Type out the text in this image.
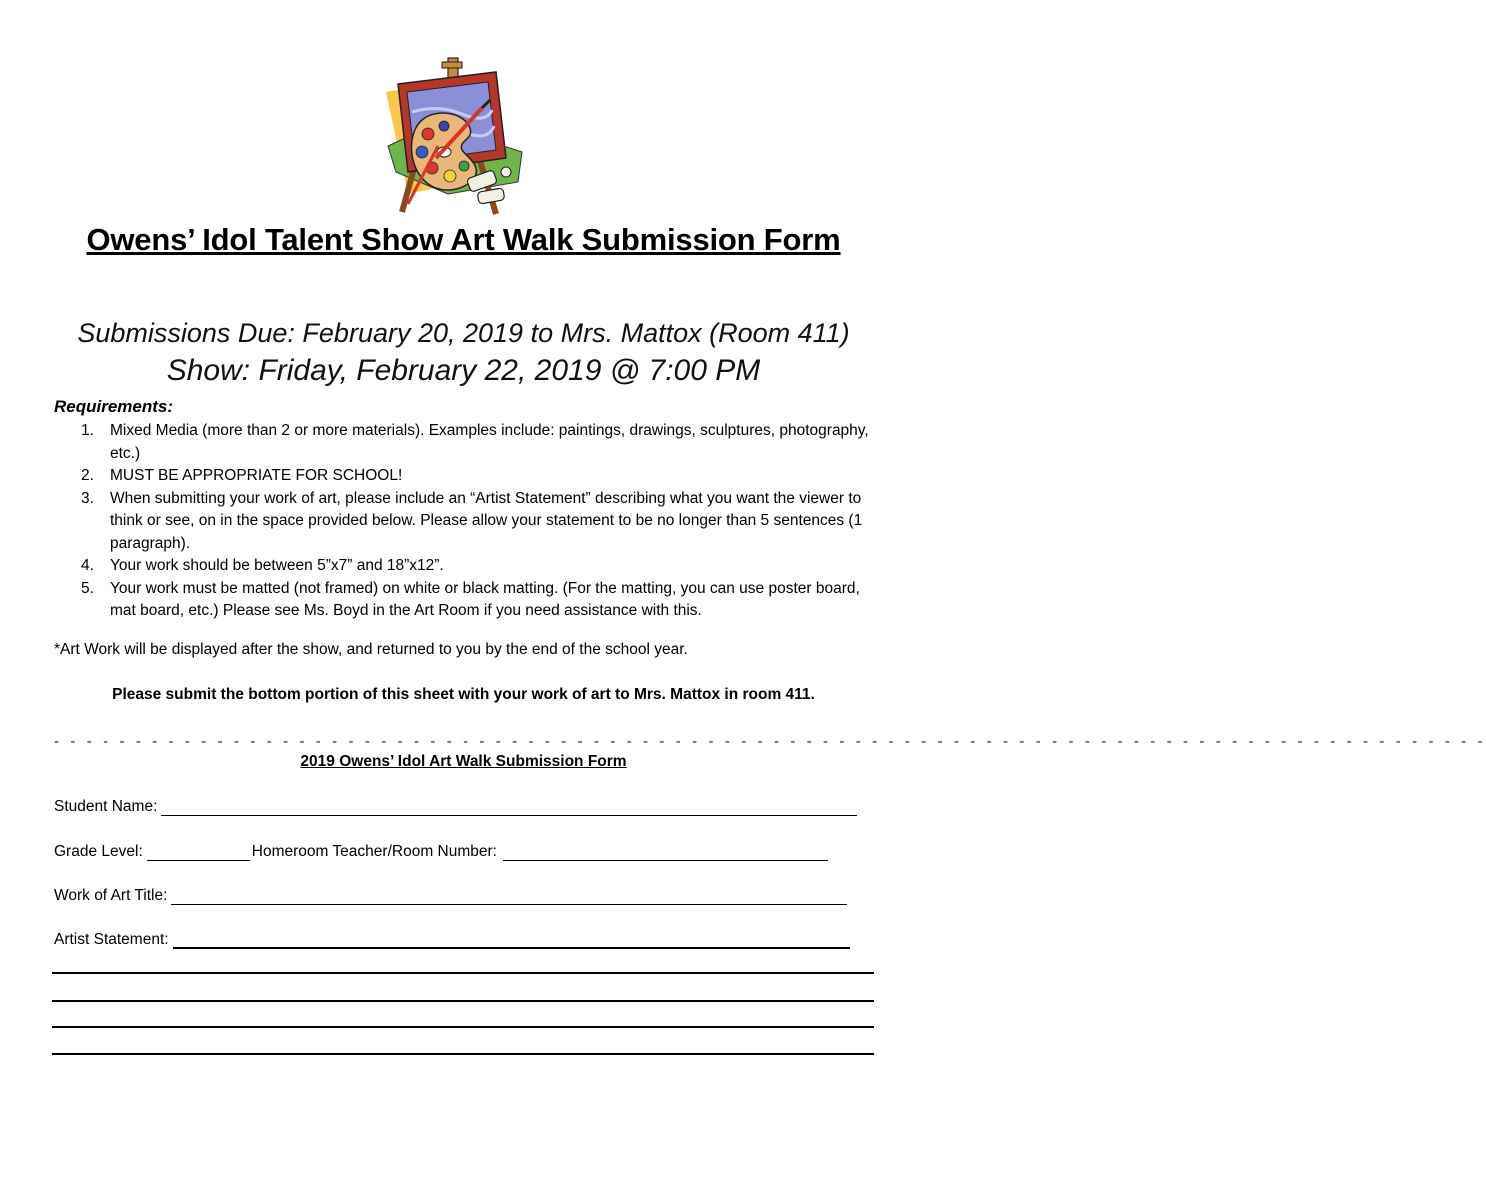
Owens’ Idol Talent Show Art Walk Submission Form
Submissions Due: February 20, 2019 to Mrs. Mattox (Room 411)
Show: Friday, February 22, 2019 @ 7:00 PM
Requirements:
1. Mixed Media (more than 2 or more materials). Examples include: paintings, drawings, sculptures, photography, etc.)
2. MUST BE APPROPRIATE FOR SCHOOL!
3. When submitting your work of art, please include an “Artist Statement” describing what you want the viewer to think or see, on in the space provided below. Please allow your statement to be no longer than 5 sentences (1 paragraph).
4. Your work should be between 5”x7” and 18”x12”.
5. Your work must be matted (not framed) on white or black matting. (For the matting, you can use poster board, mat board, etc.) Please see Ms. Boyd in the Art Room if you need assistance with this.
*Art Work will be displayed after the show, and returned to you by the end of the school year.
Please submit the bottom portion of this sheet with your work of art to Mrs. Mattox in room 411.
- - - - - - - - - - - - - - - - - - - - - - - - - - - - - - - - - - - - - - - - - - - - - - - - - - - - - - - - - - - - - - - - - - - - - - - - - - - - - - - - - - - - - - - -
2019 Owens’ Idol Art Walk Submission Form
Student Name:
Grade Level:	Homeroom Teacher/Room Number:
Work of Art Title:
Artist Statement:
